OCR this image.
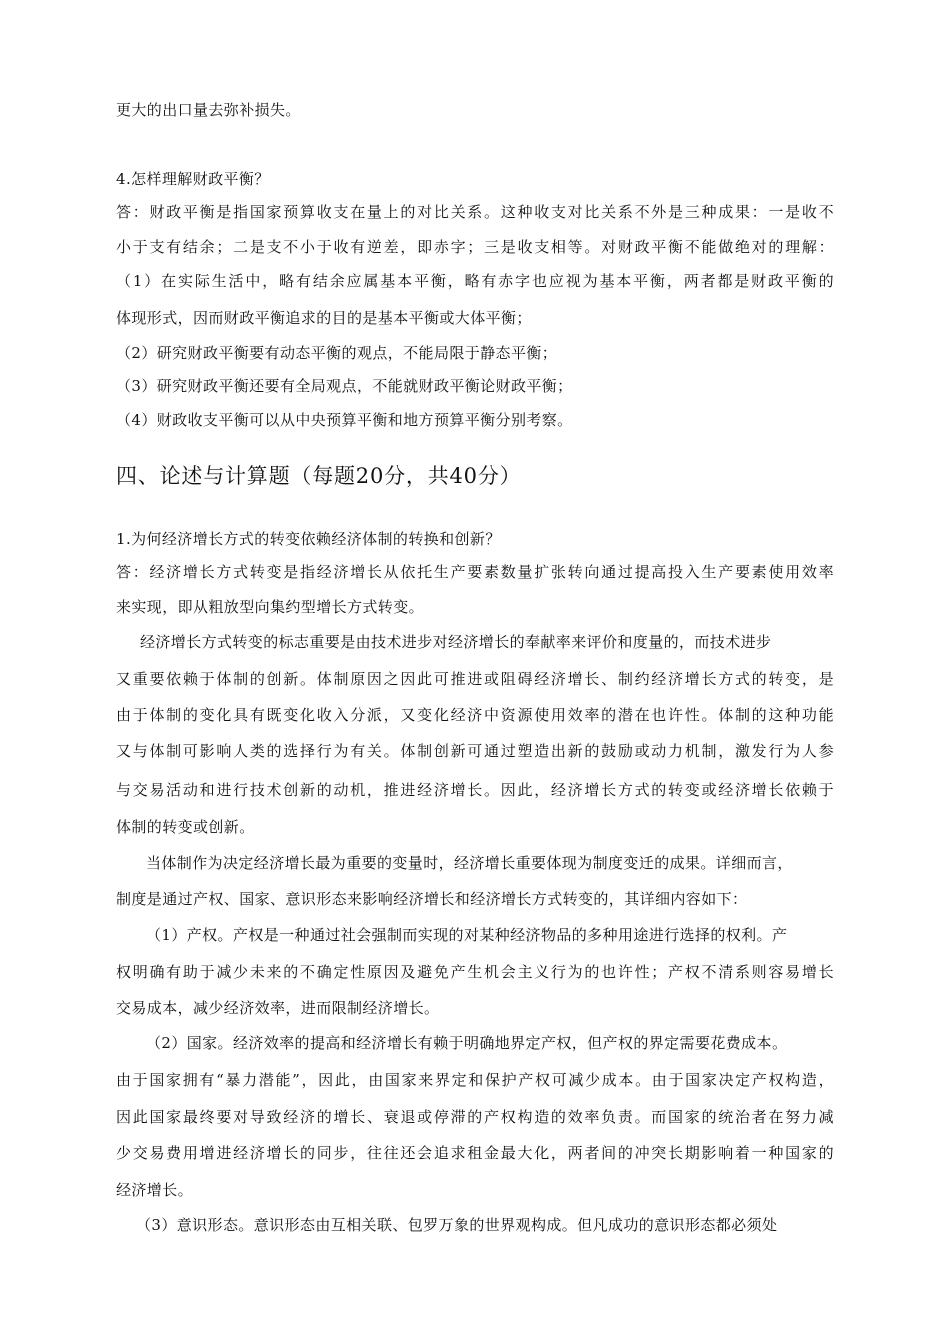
更大的出口量去弥补损失。
4.怎样理解财政平衡？
答：财政平衡是指国家预算收支在量上的对比关系。这种收支对比关系不外是三种成果：一是收不
小于支有结余；二是支不小于收有逆差，即赤字；三是收支相等。对财政平衡不能做绝对的理解：
（1）在实际生活中，略有结余应属基本平衡，略有赤字也应视为基本平衡，两者都是财政平衡的
体现形式，因而财政平衡追求的目的是基本平衡或大体平衡；
（2）研究财政平衡要有动态平衡的观点，不能局限于静态平衡；
（3）研究财政平衡还要有全局观点，不能就财政平衡论财政平衡；
（4）财政收支平衡可以从中央预算平衡和地方预算平衡分别考察。
四、论述与计算题（每题20分，共40分）
1.为何经济增长方式的转变依赖经济体制的转换和创新？
答：经济增长方式转变是指经济增长从依托生产要素数量扩张转向通过提高投入生产要素使用效率
来实现，即从粗放型向集约型增长方式转变。
经济增长方式转变的标志重要是由技术进步对经济增长的奉献率来评价和度量的，而技术进步
又重要依赖于体制的创新。体制原因之因此可推进或阻碍经济增长、制约经济增长方式的转变，是
由于体制的变化具有既变化收入分派，又变化经济中资源使用效率的潜在也许性。体制的这种功能
又与体制可影响人类的选择行为有关。体制创新可通过塑造出新的鼓励或动力机制，激发行为人参
与交易活动和进行技术创新的动机，推进经济增长。因此，经济增长方式的转变或经济增长依赖于
体制的转变或创新。
当体制作为决定经济增长最为重要的变量时，经济增长重要体现为制度变迁的成果。详细而言，
制度是通过产权、国家、意识形态来影响经济增长和经济增长方式转变的，其详细内容如下：
（1）产权。产权是一种通过社会强制而实现的对某种经济物品的多种用途进行选择的权利。产
权明确有助于减少未来的不确定性原因及避免产生机会主义行为的也许性；产权不清系则容易增长
交易成本，减少经济效率，进而限制经济增长。
（2）国家。经济效率的提高和经济增长有赖于明确地界定产权，但产权的界定需要花费成本。
由于国家拥有“暴力潜能”，因此，由国家来界定和保护产权可减少成本。由于国家决定产权构造，
因此国家最终要对导致经济的增长、衰退或停滞的产权构造的效率负责。而国家的统治者在努力减
少交易费用增进经济增长的同步，往往还会追求租金最大化，两者间的冲突长期影响着一种国家的
经济增长。
（3）意识形态。意识形态由互相关联、包罗万象的世界观构成。但凡成功的意识形态都必须处
